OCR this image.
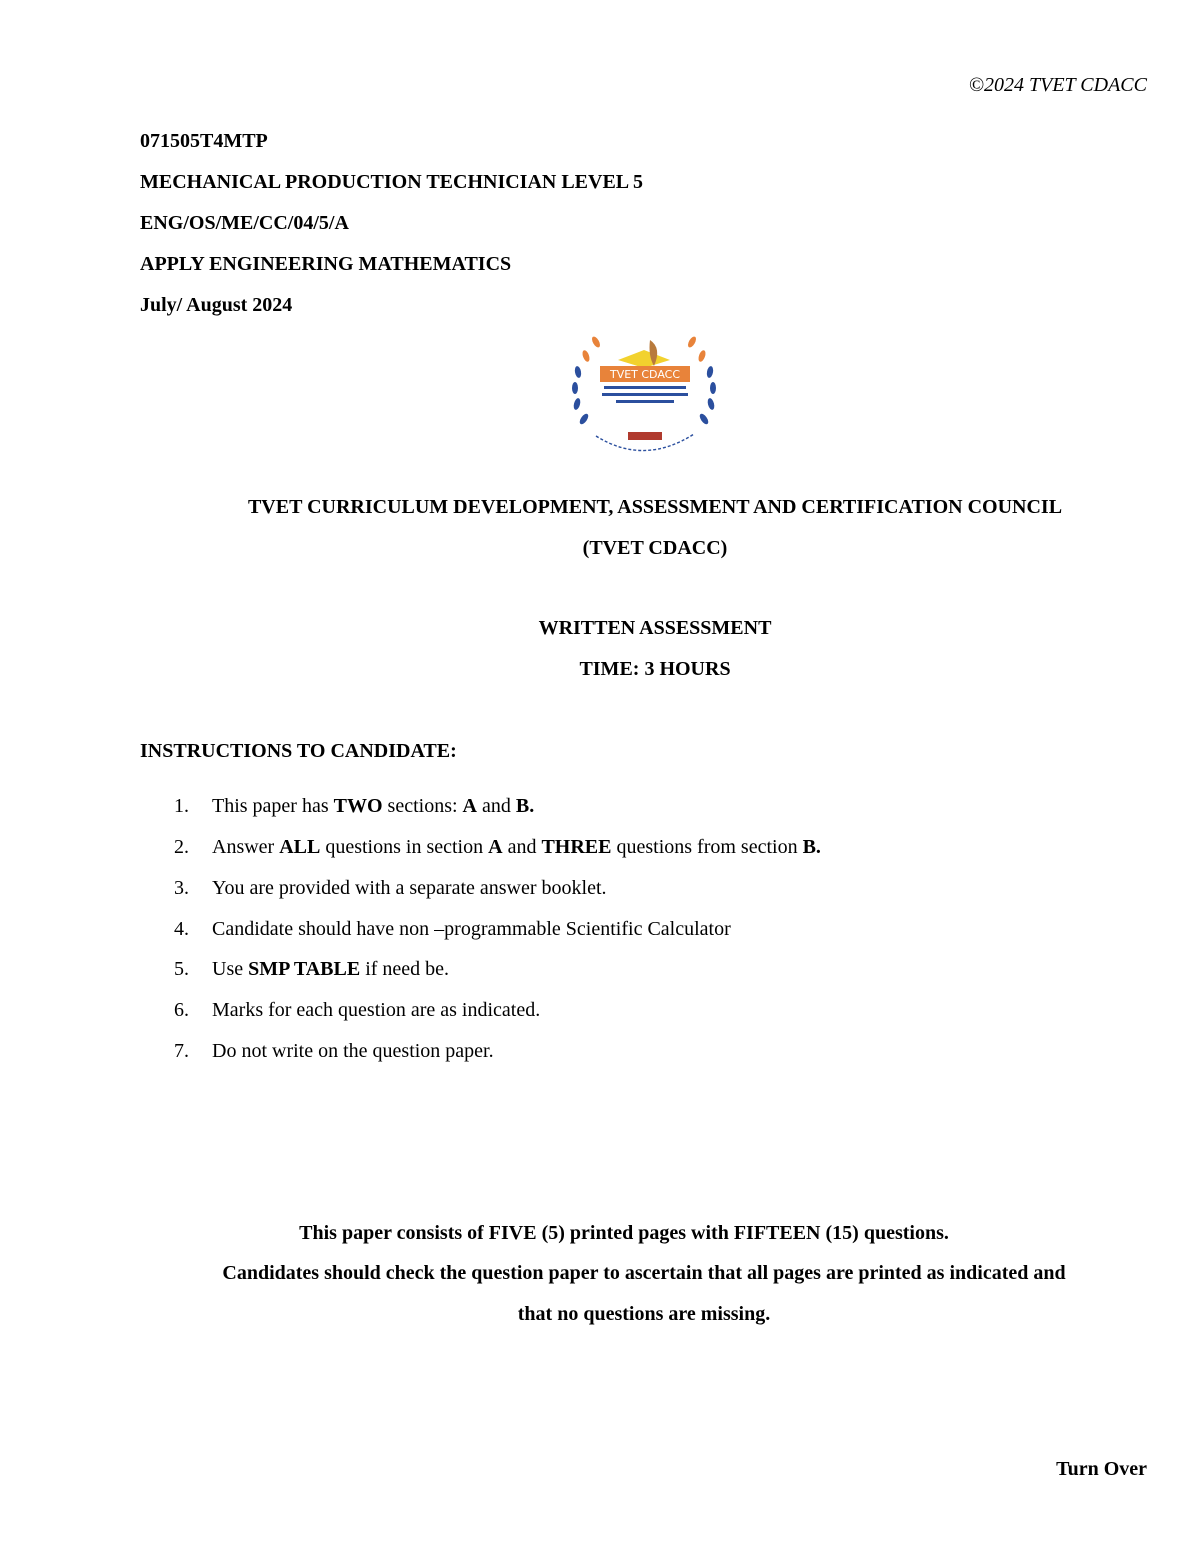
©2024 TVET CDACC
071505T4MTP
MECHANICAL PRODUCTION TECHNICIAN LEVEL 5
ENG/OS/ME/CC/04/5/A
APPLY ENGINEERING MATHEMATICS
July/ August 2024
TVET CDACC
TVET CURRICULUM DEVELOPMENT, ASSESSMENT AND CERTIFICATION COUNCIL
(TVET CDACC)
WRITTEN ASSESSMENT
TIME: 3 HOURS
INSTRUCTIONS TO CANDIDATE:
1. This paper has TWO sections: A and B.
2. Answer ALL questions in section A and THREE questions from section B.
3. You are provided with a separate answer booklet.
4. Candidate should have non –programmable Scientific Calculator
5. Use SMP TABLE if need be.
6. Marks for each question are as indicated.
7. Do not write on the question paper.
This paper consists of FIVE (5) printed pages with FIFTEEN (15) questions.
Candidates should check the question paper to ascertain that all pages are printed as indicated and
that no questions are missing.
Turn Over
